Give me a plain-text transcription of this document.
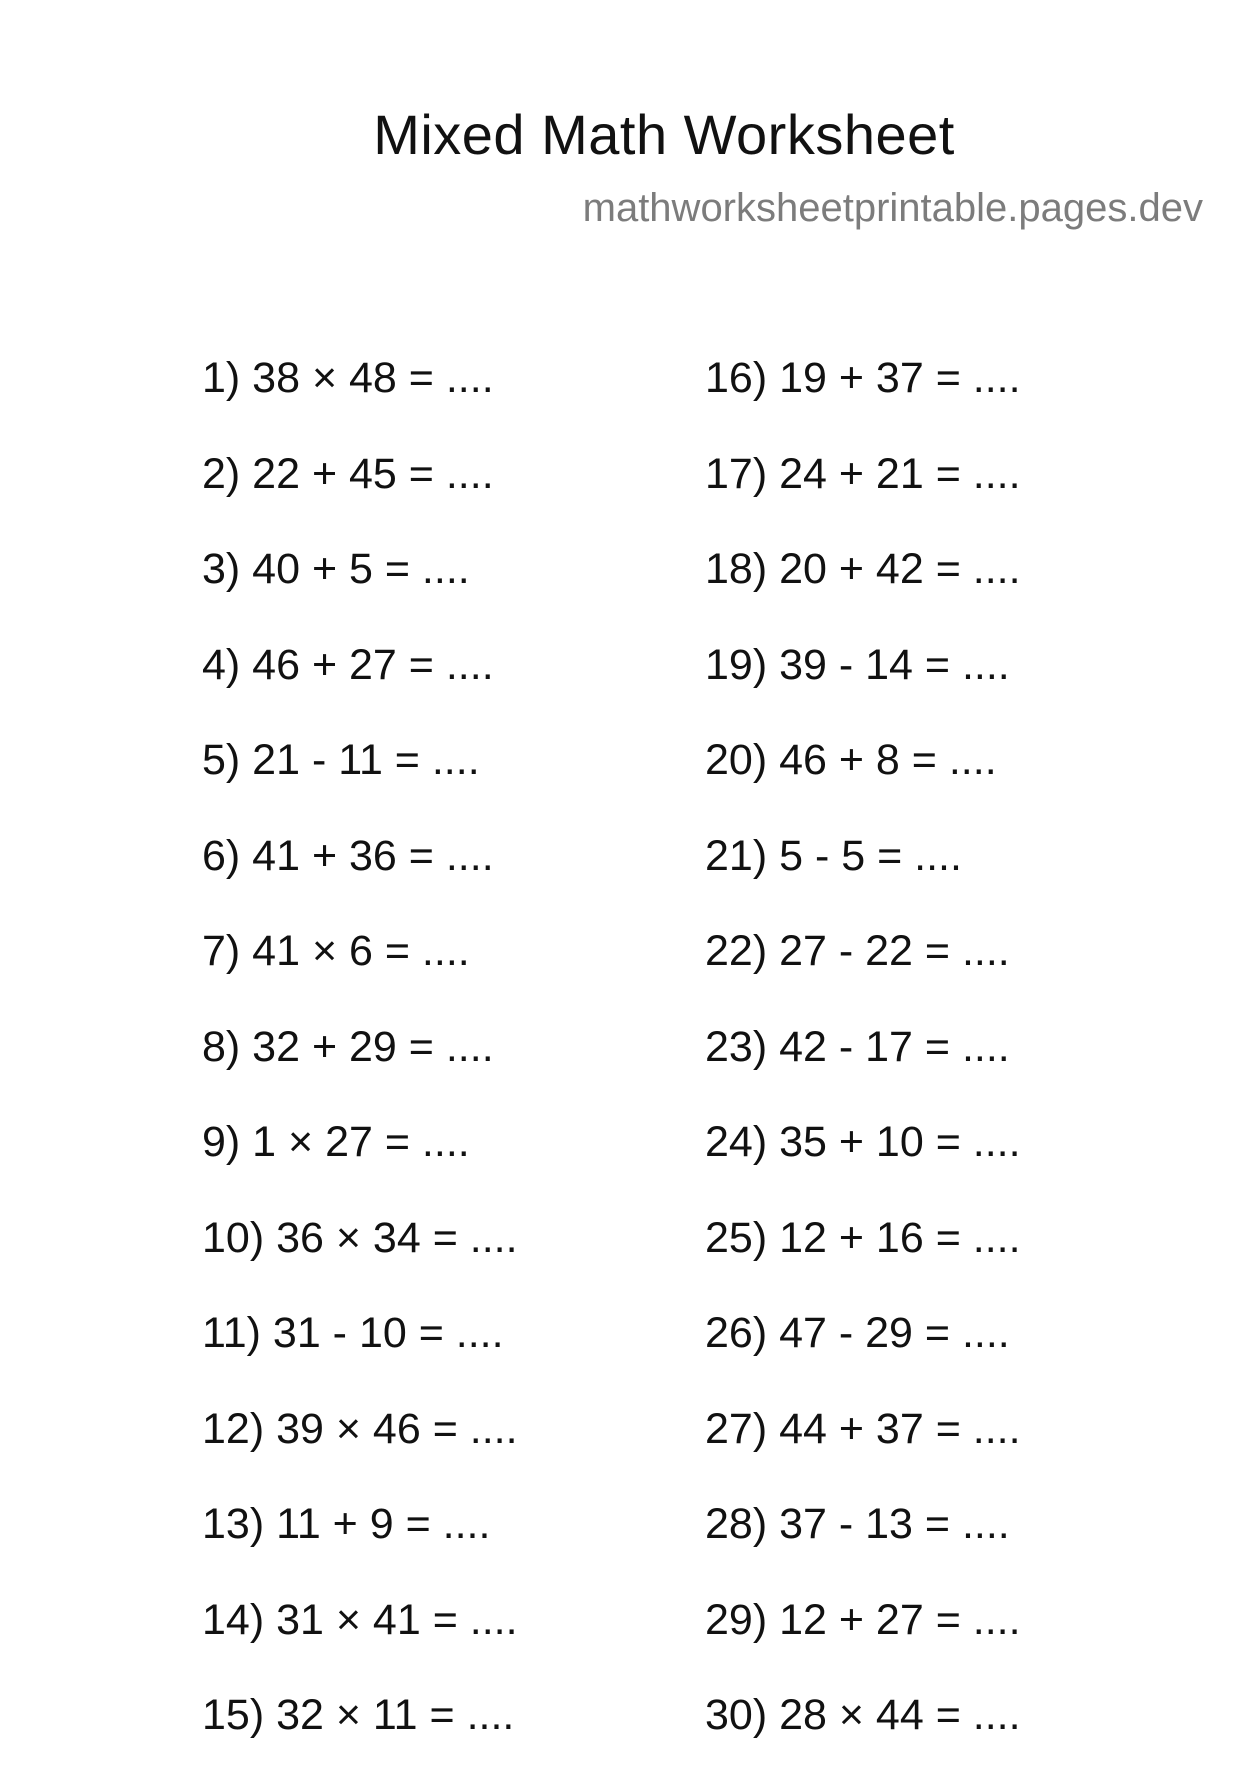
Mixed Math Worksheet
mathworksheetprintable.pages.dev
1) 38 × 48 = ....
2) 22 + 45 = ....
3) 40 + 5 = ....
4) 46 + 27 = ....
5) 21 - 11 = ....
6) 41 + 36 = ....
7) 41 × 6 = ....
8) 32 + 29 = ....
9) 1 × 27 = ....
10) 36 × 34 = ....
11) 31 - 10 = ....
12) 39 × 46 = ....
13) 11 + 9 = ....
14) 31 × 41 = ....
15) 32 × 11 = ....
16) 19 + 37 = ....
17) 24 + 21 = ....
18) 20 + 42 = ....
19) 39 - 14 = ....
20) 46 + 8 = ....
21) 5 - 5 = ....
22) 27 - 22 = ....
23) 42 - 17 = ....
24) 35 + 10 = ....
25) 12 + 16 = ....
26) 47 - 29 = ....
27) 44 + 37 = ....
28) 37 - 13 = ....
29) 12 + 27 = ....
30) 28 × 44 = ....
